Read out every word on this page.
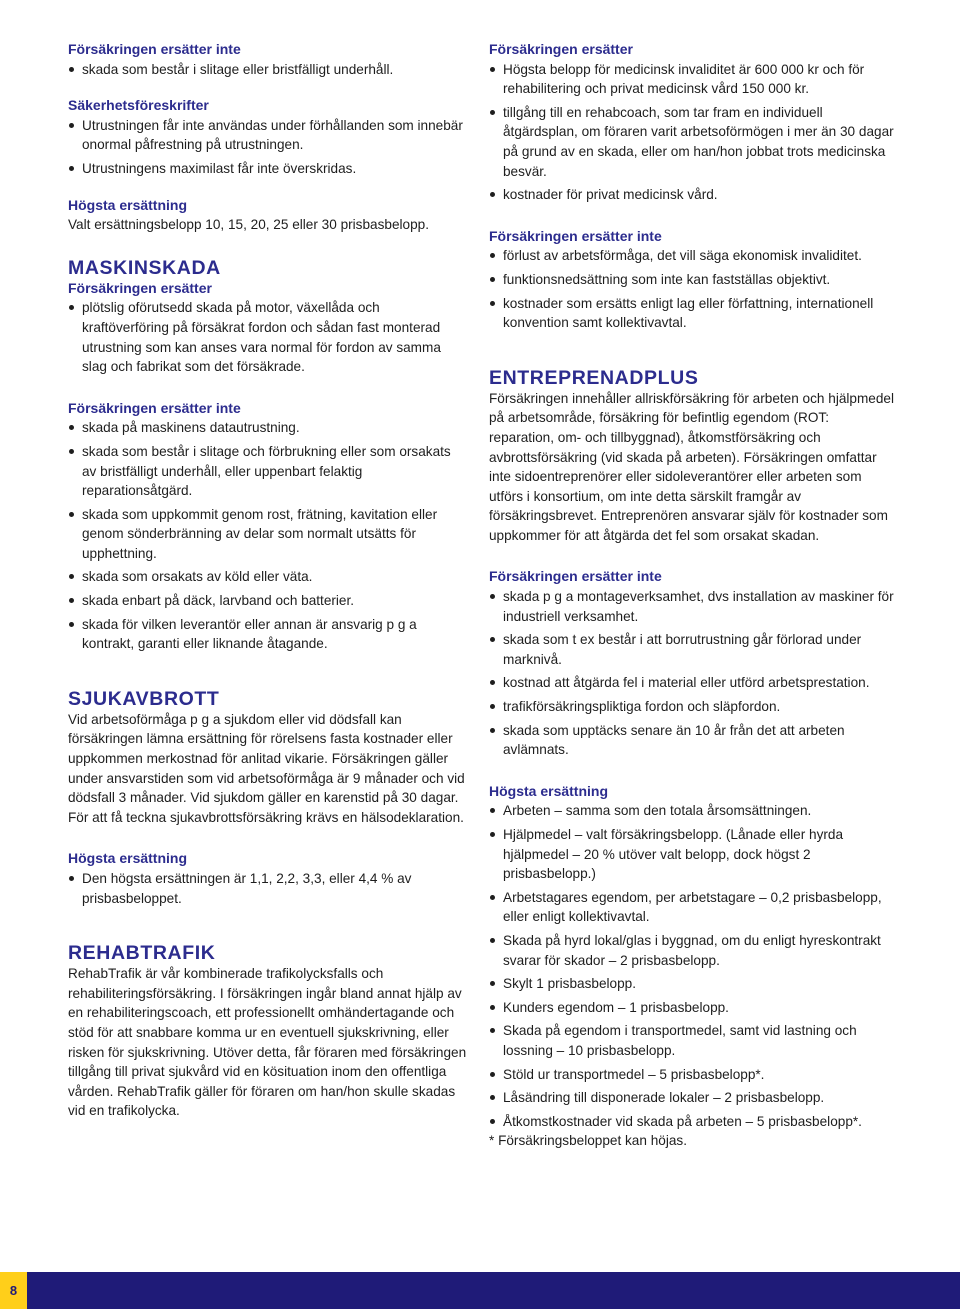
Försäkringen ersätter inte

skada som består i slitage eller bristfälligt underhåll.

Säkerhetsföreskrifter

Utrustningen får inte användas under förhållanden som innebär onormal påfrestning på utrustningen.
Utrustningens maximilast får inte överskridas.

Högsta ersättning

Valt ersättningsbelopp 10, 15, 20, 25 eller 30 prisbasbelopp.

MASKINSKADA

Försäkringen ersätter

plötslig oförutsedd skada på motor, växellåda och kraftöverföring på försäkrat fordon och sådan fast monterad utrustning som kan anses vara normal för fordon av samma slag och fabrikat som det försäkrade.

Försäkringen ersätter inte

skada på maskinens datautrustning.
skada som består i slitage och förbrukning eller som orsakats av bristfälligt underhåll, eller uppenbart felaktig reparationsåtgärd.
skada som uppkommit genom rost, frätning, kavitation eller genom sönderbränning av delar som normalt utsätts för upphettning.
skada som orsakats av köld eller väta.
skada enbart på däck, larvband och batterier.
skada för vilken leverantör eller annan är ansvarig p g a kontrakt, garanti eller liknande åtagande.
SJUKAVBROTT

Vid arbetsoförmåga p g a sjukdom eller vid dödsfall kan försäkringen lämna ersättning för rörelsens fasta kostnader eller uppkommen merkostnad för anlitad vikarie. Försäkringen gäller under ansvarstiden som vid arbetsoförmåga är 9 månader och vid dödsfall 3 månader. Vid sjukdom gäller en karenstid på 30 dagar. För att få teckna sjukavbrottsförsäkring krävs en hälsodeklaration.

Högsta ersättning

Den högsta ersättningen är 1,1, 2,2, 3,3, eller 4,4 % av prisbasbeloppet.
REHABTRAFIK

RehabTrafik är vår kombinerade trafikolycksfalls och rehabiliteringsförsäkring. I försäkringen ingår bland annat hjälp av en rehabiliteringscoach, ett professionellt omhändertagande och stöd för att snabbare komma ur en eventuell sjukskrivning, eller risken för sjukskrivning. Utöver detta, får föraren med försäkringen tillgång till privat sjukvård vid en kösituation inom den offentliga vården. RehabTrafik gäller för föraren om han/hon skulle skadas vid en trafikolycka.

Försäkringen ersätter

Högsta belopp för medicinsk invaliditet är 600 000 kr och för rehabilitering och privat medicinsk vård 150 000 kr.
tillgång till en rehabcoach, som tar fram en individuell åtgärdsplan, om föraren varit arbetsoförmögen i mer än 30 dagar på grund av en skada, eller om han/hon jobbat trots medicinska besvär.
kostnader för privat medicinsk vård.

Försäkringen ersätter inte

förlust av arbetsförmåga, det vill säga ekonomisk invaliditet.
funktionsnedsättning som inte kan fastställas objektivt.
kostnader som ersätts enligt lag eller författning, internationell konvention samt kollektivavtal.
ENTREPRENADPLUS

Försäkringen innehåller allriskförsäkring för arbeten och hjälpmedel på arbetsområde, försäkring för befintlig egendom (ROT: reparation, om- och tillbyggnad), åtkomstförsäkring och avbrottsförsäkring (vid skada på arbeten). Försäkringen omfattar inte sidoentreprenörer eller sidoleverantörer eller arbeten som utförs i konsortium, om inte detta särskilt framgår av försäkringsbrevet. Entreprenören ansvarar själv för kostnader som uppkommer för att åtgärda det fel som orsakat skadan.

Försäkringen ersätter inte

skada p g a montageverksamhet, dvs installation av maskiner för industriell verksamhet.
skada som t ex består i att borrutrustning går förlorad under marknivå.
kostnad att åtgärda fel i material eller utförd arbetsprestation.
trafikförsäkringspliktiga fordon och släpfordon.
skada som upptäcks senare än 10 år från det att arbeten avlämnats.

Högsta ersättning

Arbeten – samma som den totala årsomsättningen.
Hjälpmedel – valt försäkringsbelopp. (Lånade eller hyrda hjälpmedel – 20 % utöver valt belopp, dock högst 2 prisbasbelopp.)
Arbetstagares egendom, per arbetstagare – 0,2 prisbasbelopp, eller enligt kollektivavtal.
Skada på hyrd lokal/glas i byggnad, om du enligt hyreskontrakt svarar för skador – 2 prisbasbelopp.
Skylt 1 prisbasbelopp.
Kunders egendom – 1 prisbasbelopp.
Skada på egendom i transportmedel, samt vid lastning och lossning – 10 prisbasbelopp.
Stöld ur transportmedel – 5 prisbasbelopp*.
Låsändring till disponerade lokaler – 2 prisbasbelopp.
Åtkomstkostnader vid skada på arbeten – 5 prisbasbelopp*.

* Försäkringsbeloppet kan höjas.

8
